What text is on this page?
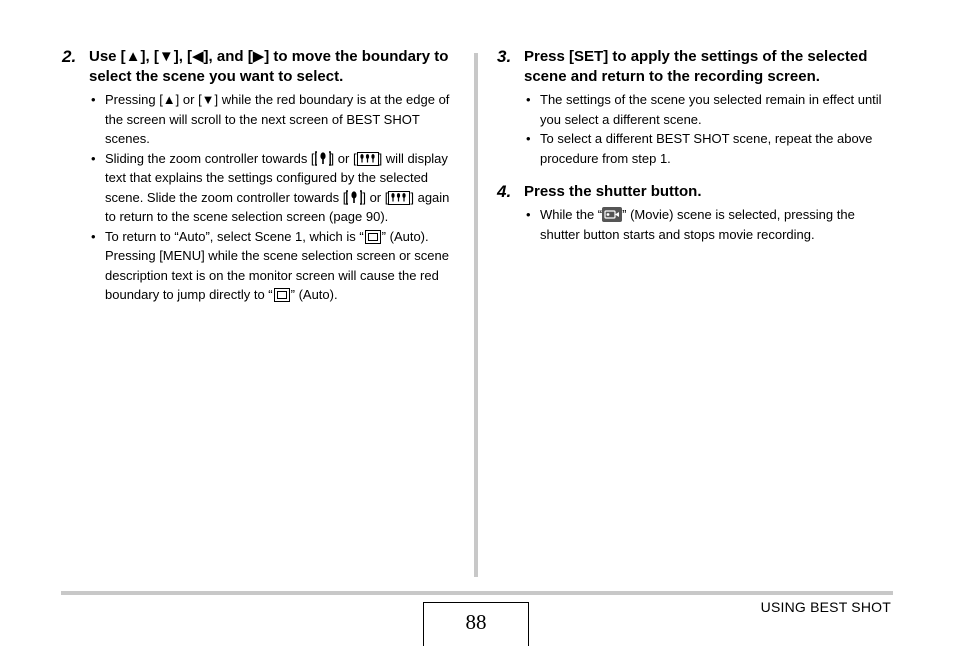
2. Use [▲], [▼], [◀], and [▶] to move the boundary to select the scene you want to select.

• Pressing [▲] or [▼] while the red boundary is at the edge of the screen will scroll to the next screen of BEST SHOT scenes.
• Sliding the zoom controller towards [ ] or [ ] will display text that explains the settings configured by the selected scene. Slide the zoom controller towards [ ] or [ ] again to return to the scene selection screen (page 90).
• To return to “Auto”, select Scene 1, which is “ ” (Auto). Pressing [MENU] while the scene selection screen or scene description text is on the monitor screen will cause the red boundary to jump directly to “ ” (Auto).
3. Press [SET] to apply the settings of the selected scene and return to the recording screen.

• The settings of the scene you selected remain in effect until you select a different scene.
• To select a different BEST SHOT scene, repeat the above procedure from step 1.
4. Press the shutter button.

• While the “ ” (Movie) scene is selected, pressing the shutter button starts and stops movie recording.
88
USING BEST SHOT
